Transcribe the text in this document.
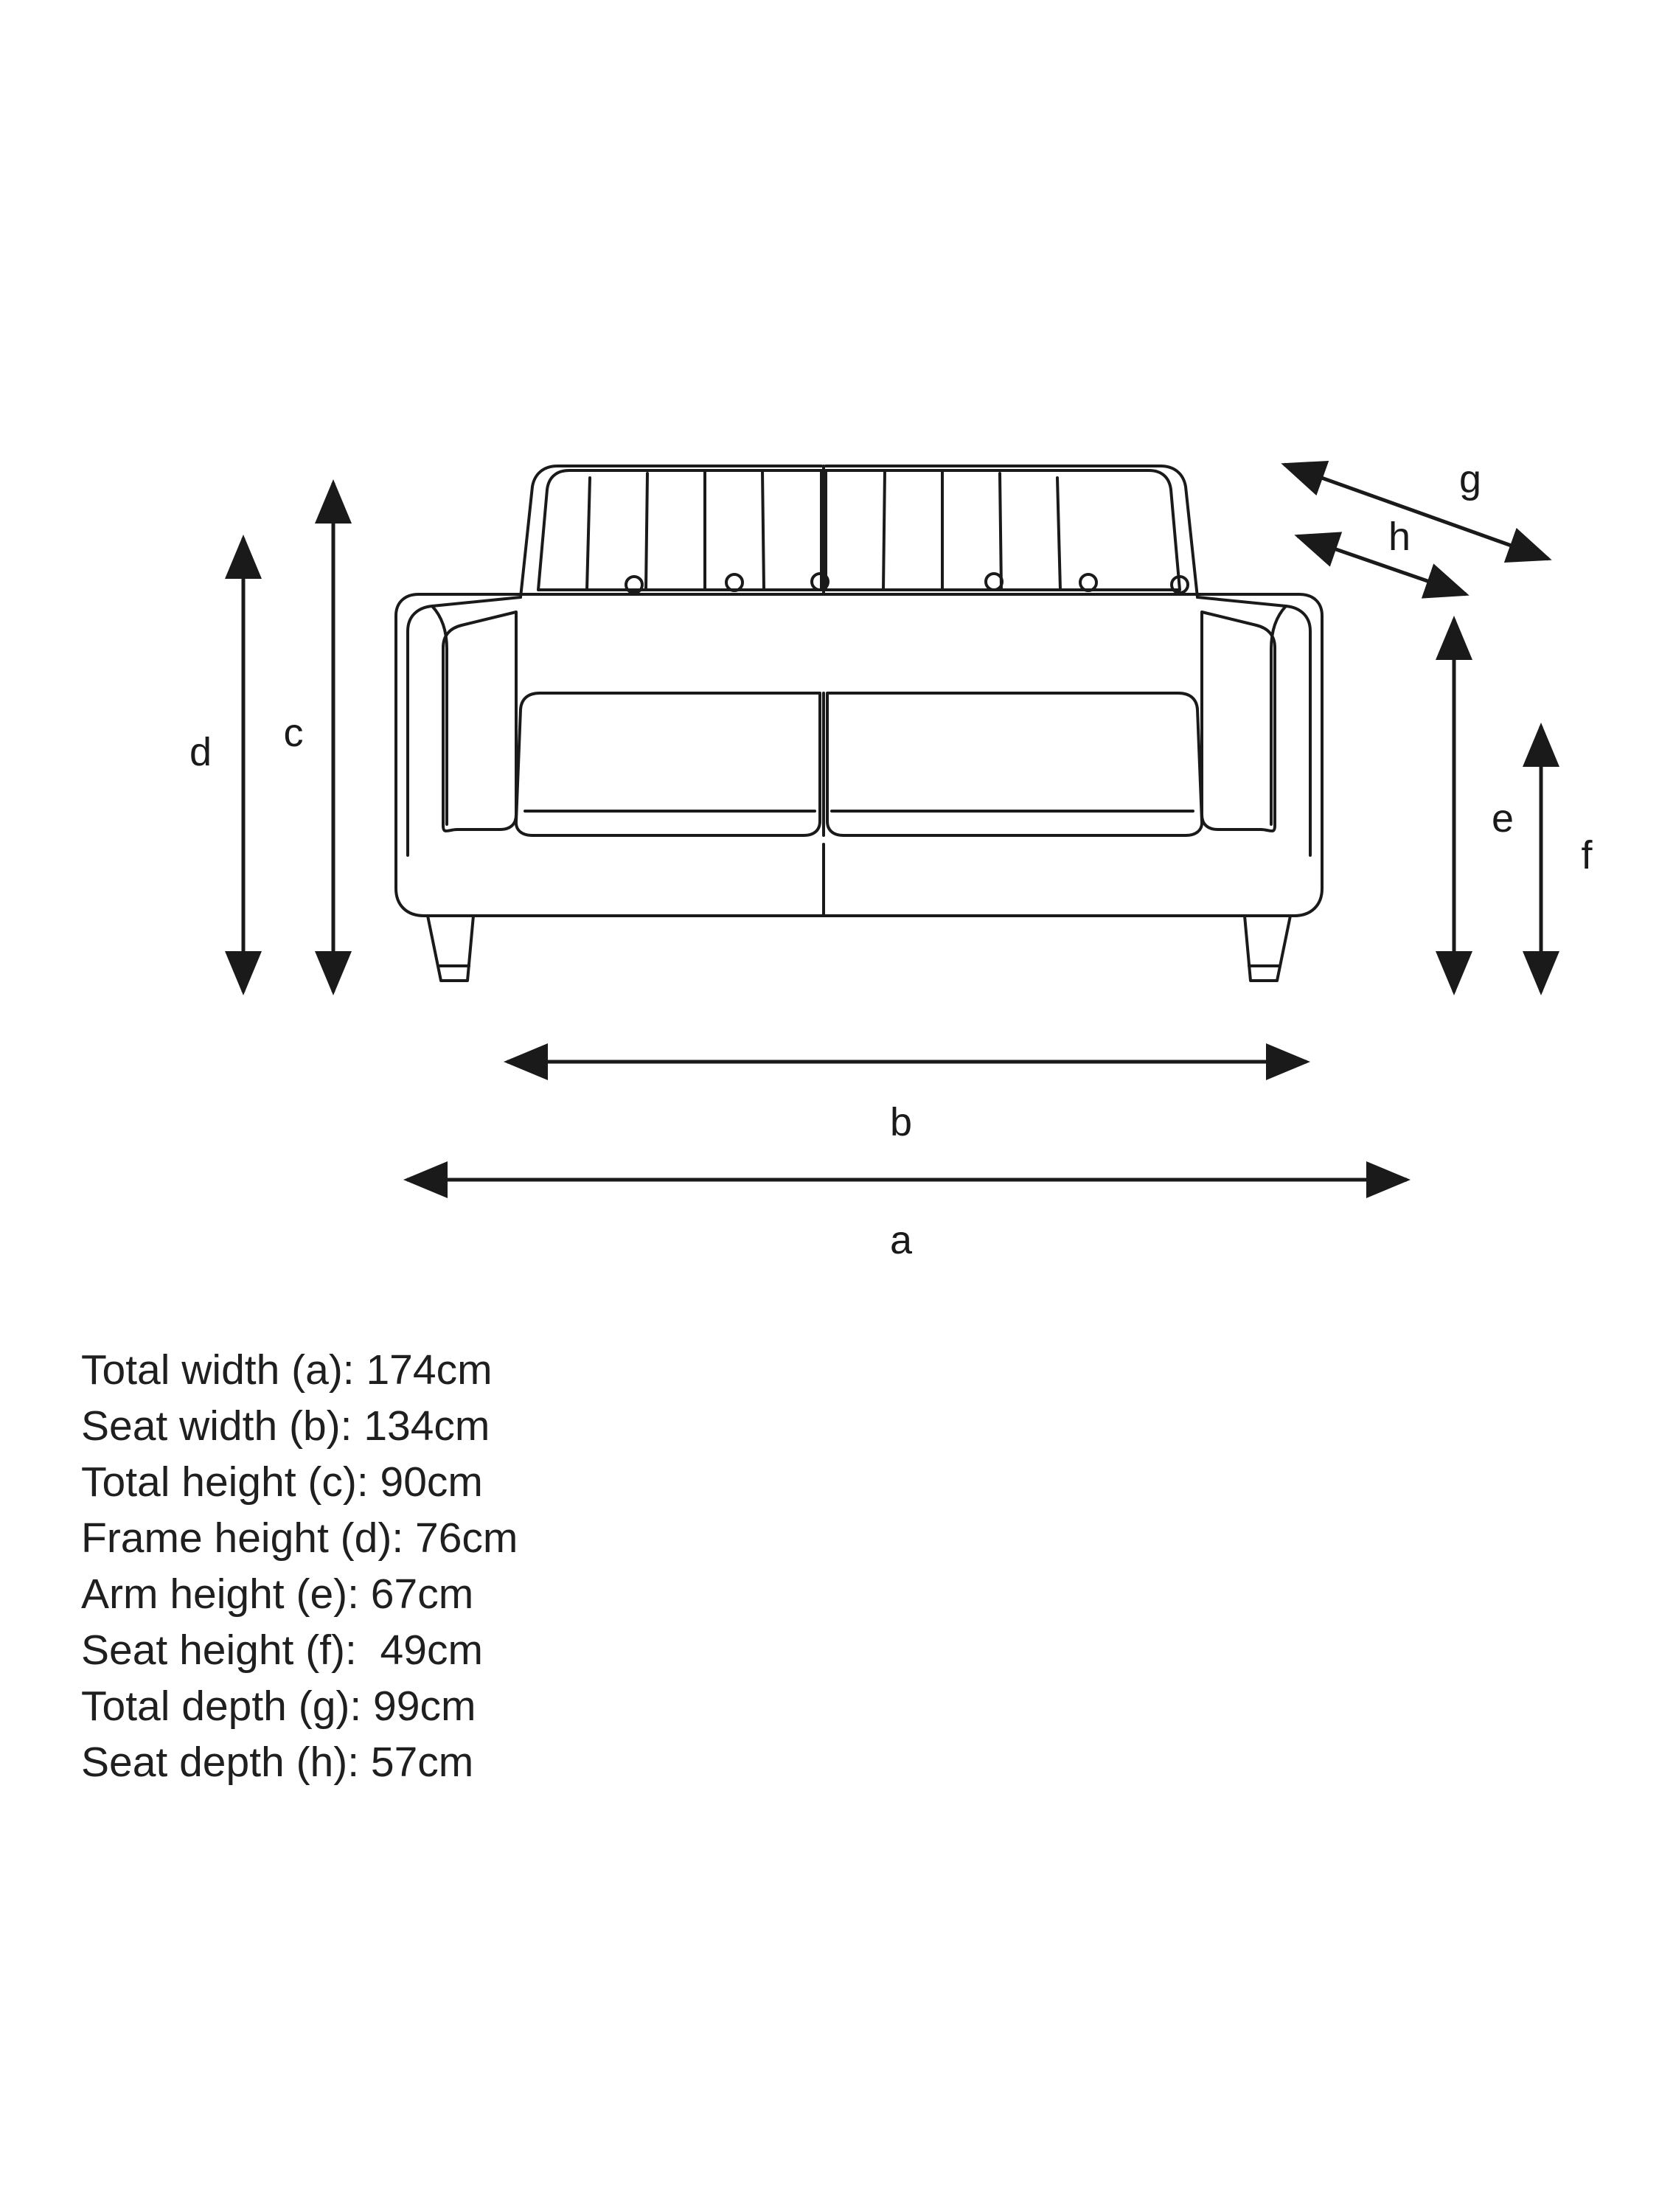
d c
e
f
b
a
g
h
Total width (a): 174cm
Seat width (b): 134cm
Total height (c): 90cm
Frame height (d): 76cm
Arm height (e): 67cm
Seat height (f):  49cm
Total depth (g): 99cm
Seat depth (h): 57cm
